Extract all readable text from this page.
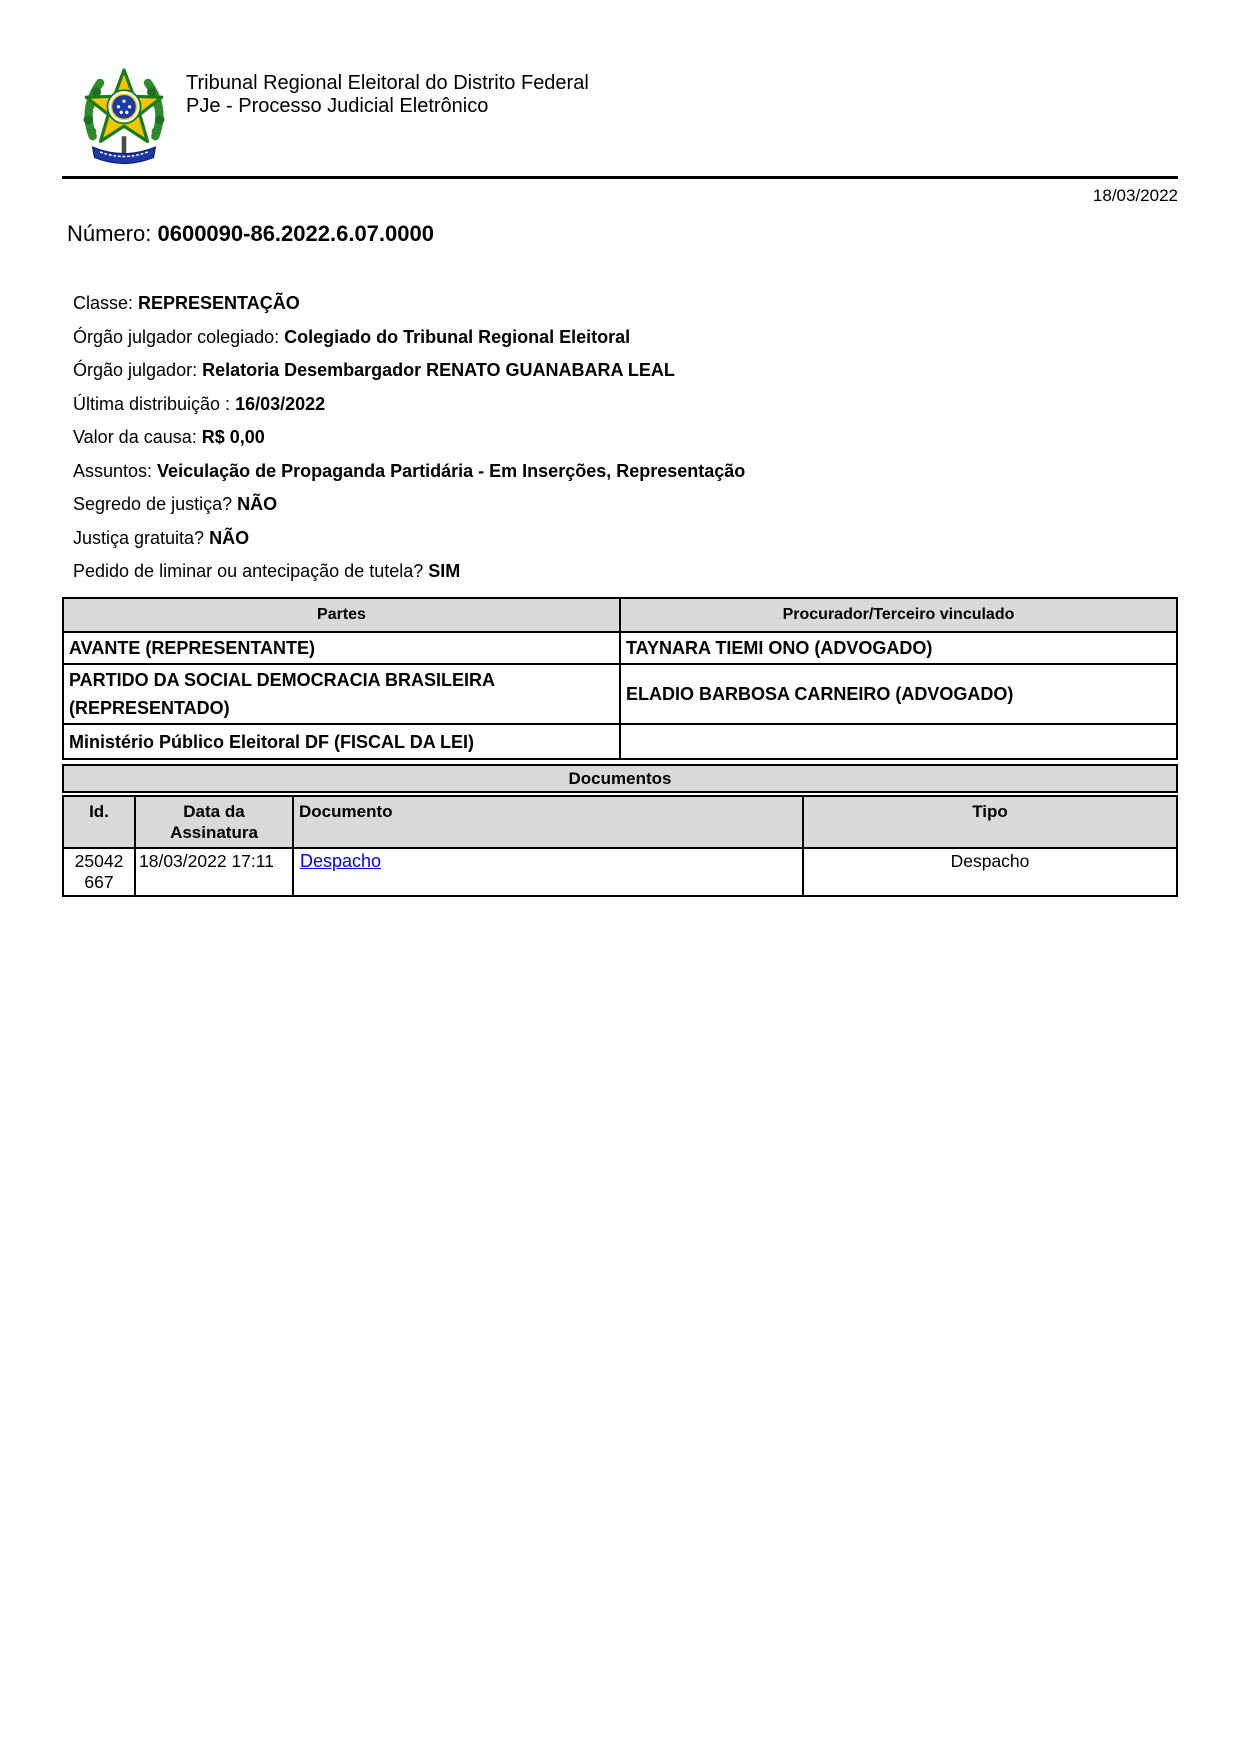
Tribunal Regional Eleitoral do Distrito Federal
PJe - Processo Judicial Eletrônico
18/03/2022
Número: 0600090-86.2022.6.07.0000
Classe: REPRESENTAÇÃO
Órgão julgador colegiado: Colegiado do Tribunal Regional Eleitoral
Órgão julgador: Relatoria Desembargador RENATO GUANABARA LEAL
Última distribuição : 16/03/2022
Valor da causa: R$ 0,00
Assuntos: Veiculação de Propaganda Partidária - Em Inserções, Representação
Segredo de justiça? NÃO
Justiça gratuita? NÃO
Pedido de liminar ou antecipação de tutela? SIM
Partes	Procurador/Terceiro vinculado
AVANTE (REPRESENTANTE)	TAYNARA TIEMI ONO (ADVOGADO)
PARTIDO DA SOCIAL DEMOCRACIA BRASILEIRA (REPRESENTADO)	ELADIO BARBOSA CARNEIRO (ADVOGADO)
Ministério Público Eleitoral DF (FISCAL DA LEI)	
Documentos
Id.	Data da Assinatura	Documento	Tipo
25042667	18/03/2022 17:11	Despacho	Despacho
